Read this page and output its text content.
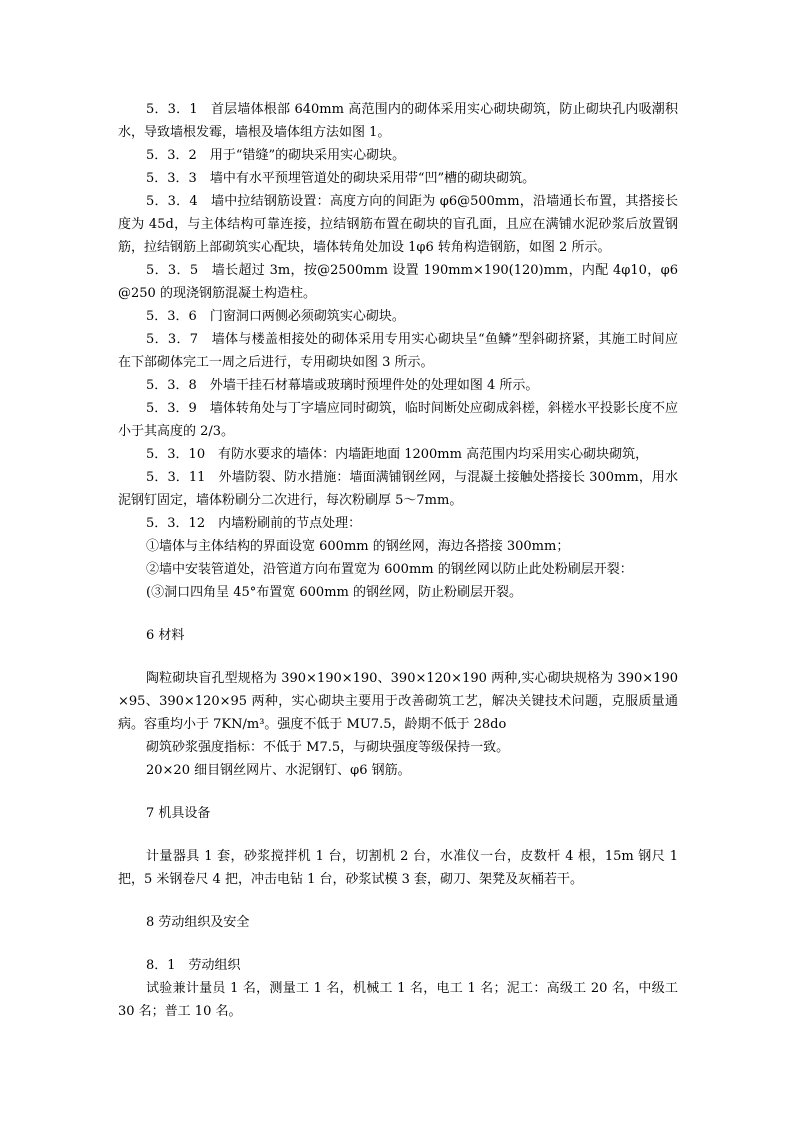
5．3．1　首层墙体根部 640mm 高范围内的砌体采用实心砌块砌筑，防止砌块孔内吸潮积水，导致墙根发霉，墙根及墙体组方法如图 1。

5．3．2　用于“错缝”的砌块采用实心砌块。

5．3．3　墙中有水平预埋管道处的砌块采用带“凹”槽的砌块砌筑。

5．3．4　墙中拉结钢筋设置：高度方向的间距为 φ6@500mm，沿墙通长布置，其搭接长度为 45d，与主体结构可靠连接，拉结钢筋布置在砌块的盲孔面，且应在满铺水泥砂浆后放置钢筋，拉结钢筋上部砌筑实心配块，墙体转角处加设 1φ6 转角构造钢筋，如图 2 所示。

5．3．5　墙长超过 3m，按@2500mm 设置 190mm×190(120)mm，内配 4φ10，φ6@250 的现浇钢筋混凝土构造柱。

5．3．6　门窗洞口两侧必须砌筑实心砌块。

5．3．7　墙体与楼盖相接处的砌体采用专用实心砌块呈“鱼鳞”型斜砌挤紧，其施工时间应在下部砌体完工一周之后进行，专用砌块如图 3 所示。

5．3．8　外墙干挂石材幕墙或玻璃时预埋件处的处理如图 4 所示。

5．3．9　墙体转角处与丁字墙应同时砌筑，临时间断处应砌成斜槎，斜槎水平投影长度不应小于其高度的 2/3。

5．3．10　有防水要求的墙体：内墙距地面 1200mm 高范围内均采用实心砌块砌筑，

5．3．11　外墙防裂、防水措施：墙面满铺钢丝网，与混凝土接触处搭接长 300mm，用水泥钢钉固定，墙体粉刷分二次进行，每次粉刷厚 5～7mm。

5．3．12　内墙粉刷前的节点处理：

①墙体与主体结构的界面设宽 600mm 的钢丝网，海边各搭接 300mm；

②墙中安装管道处，沿管道方向布置宽为 600mm 的钢丝网以防止此处粉刷层开裂：

(③洞口四角呈 45°布置宽 600mm 的钢丝网，防止粉刷层开裂。

6 材料

陶粒砌块盲孔型规格为 390×190×190、390×120×190 两种,实心砌块规格为 390×190×95、390×120×95 两种，实心砌块主要用于改善砌筑工艺，解决关键技术问题，克服质量通病。容重均小于 7KN/m³。强度不低于 MU7.5，龄期不低于 28do

砌筑砂浆强度指标：不低于 M7.5，与砌块强度等级保持一致。

20×20 细目钢丝网片、水泥钢钉、φ6 钢筋。

7 机具设备

计量器具 1 套，砂浆搅拌机 1 台，切割机 2 台，水准仪一台，皮数杆 4 根，15m 钢尺 1 把，5 米钢卷尺 4 把，冲击电钻 1 台，砂浆试模 3 套，砌刀、架凳及灰桶若干。

8 劳动组织及安全

8．1　劳动组织

试验兼计量员 1 名，测量工 1 名，机械工 1 名，电工 1 名；泥工：高级工 20 名，中级工 30 名；普工 10 名。
